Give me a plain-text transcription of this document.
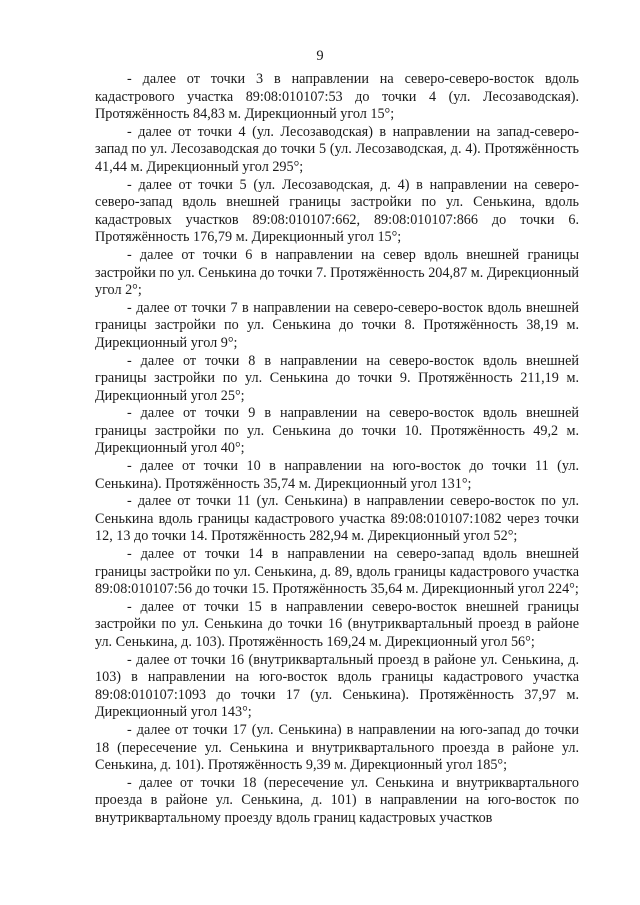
9

- далее от точки 3 в направлении на северо-северо-восток вдоль кадастрового участка 89:08:010107:53 до точки 4 (ул. Лесозаводская). Протяжённость 84,83 м. Дирекционный угол 15°;

- далее от точки 4 (ул. Лесозаводская) в направлении на запад-северо-запад по ул. Лесозаводская до точки 5 (ул. Лесозаводская, д. 4). Протяжённость 41,44 м. Дирекционный угол 295°;

- далее от точки 5 (ул. Лесозаводская, д. 4) в направлении на северо-северо-запад вдоль внешней границы застройки по ул. Сенькина, вдоль кадастровых участков 89:08:010107:662, 89:08:010107:866 до точки 6. Протяжённость 176,79 м. Дирекционный угол 15°;

- далее от точки 6 в направлении на север вдоль внешней границы застройки по ул. Сенькина до точки 7. Протяжённость 204,87 м. Дирекционный угол 2°;

- далее от точки 7 в направлении на северо-северо-восток вдоль внешней границы застройки по ул. Сенькина до точки 8. Протяжённость 38,19 м. Дирекционный угол 9°;

- далее от точки 8 в направлении на северо-восток вдоль внешней границы застройки по ул. Сенькина до точки 9. Протяжённость 211,19 м. Дирекционный угол 25°;

- далее от точки 9 в направлении на северо-восток вдоль внешней границы застройки по ул. Сенькина до точки 10. Протяжённость 49,2 м. Дирекционный угол 40°;

- далее от точки 10 в направлении на юго-восток до точки 11 (ул. Сенькина). Протяжённость 35,74 м. Дирекционный угол 131°;

- далее от точки 11 (ул. Сенькина) в направлении северо-восток по ул. Сенькина вдоль границы кадастрового участка 89:08:010107:1082 через точки 12, 13 до точки 14. Протяжённость 282,94 м. Дирекционный угол 52°;

- далее от точки 14 в направлении на северо-запад вдоль внешней границы застройки по ул. Сенькина, д. 89, вдоль границы кадастрового участка 89:08:010107:56 до точки 15. Протяжённость 35,64 м. Дирекционный угол 224°;

- далее от точки 15 в направлении северо-восток внешней границы застройки по ул. Сенькина до точки 16 (внутриквартальный проезд в районе ул. Сенькина, д. 103). Протяжённость 169,24 м. Дирекционный угол 56°;

- далее от точки 16 (внутриквартальный проезд в районе ул. Сенькина, д. 103) в направлении на юго-восток вдоль границы кадастрового участка 89:08:010107:1093 до точки 17 (ул. Сенькина). Протяжённость 37,97 м. Дирекционный угол 143°;

- далее от точки 17 (ул. Сенькина) в направлении на юго-запад до точки 18 (пересечение ул. Сенькина и внутриквартального проезда в районе ул. Сенькина, д. 101). Протяжённость 9,39 м. Дирекционный угол 185°;

- далее от точки 18 (пересечение ул. Сенькина и внутриквартального проезда в районе ул. Сенькина, д. 101) в направлении на юго-восток по внутриквартальному проезду вдоль границ кадастровых участков
